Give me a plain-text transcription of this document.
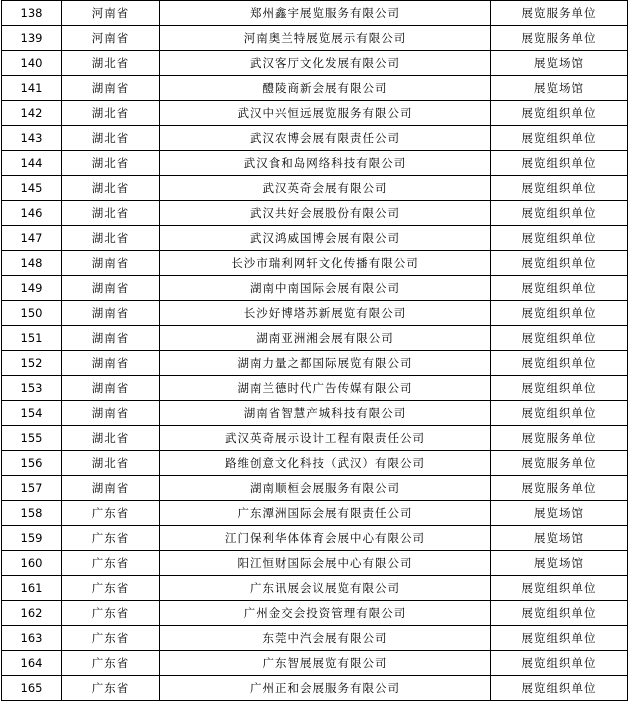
138	河南省	郑州鑫宇展览服务有限公司	展览服务单位
139	河南省	河南奥兰特展览展示有限公司	展览服务单位
140	湖北省	武汉客厅文化发展有限公司	展览场馆
141	湖南省	醴陵商新会展有限公司	展览场馆
142	湖北省	武汉中兴恒远展览服务有限公司	展览组织单位
143	湖北省	武汉农博会展有限责任公司	展览组织单位
144	湖北省	武汉食和岛网络科技有限公司	展览组织单位
145	湖北省	武汉英奇会展有限公司	展览组织单位
146	湖北省	武汉共好会展股份有限公司	展览组织单位
147	湖北省	武汉鸿威国博会展有限公司	展览组织单位
148	湖南省	长沙市瑞利网轩文化传播有限公司	展览组织单位
149	湖南省	湖南中南国际会展有限公司	展览组织单位
150	湖南省	长沙好博塔苏新展览有限公司	展览组织单位
151	湖南省	湖南亚洲湘会展有限公司	展览组织单位
152	湖南省	湖南力量之都国际展览有限公司	展览组织单位
153	湖南省	湖南兰德时代广告传媒有限公司	展览组织单位
154	湖南省	湖南省智慧产城科技有限公司	展览组织单位
155	湖北省	武汉英奇展示设计工程有限责任公司	展览服务单位
156	湖北省	路维创意文化科技（武汉）有限公司	展览服务单位
157	湖南省	湖南顺桓会展服务有限公司	展览服务单位
158	广东省	广东潭洲国际会展有限责任公司	展览场馆
159	广东省	江门保利华体体育会展中心有限公司	展览场馆
160	广东省	阳江恒财国际会展中心有限公司	展览场馆
161	广东省	广东讯展会议展览有限公司	展览组织单位
162	广东省	广州金交会投资管理有限公司	展览组织单位
163	广东省	东莞中汽会展有限公司	展览组织单位
164	广东省	广东智展展览有限公司	展览组织单位
165	广东省	广州正和会展服务有限公司	展览组织单位
